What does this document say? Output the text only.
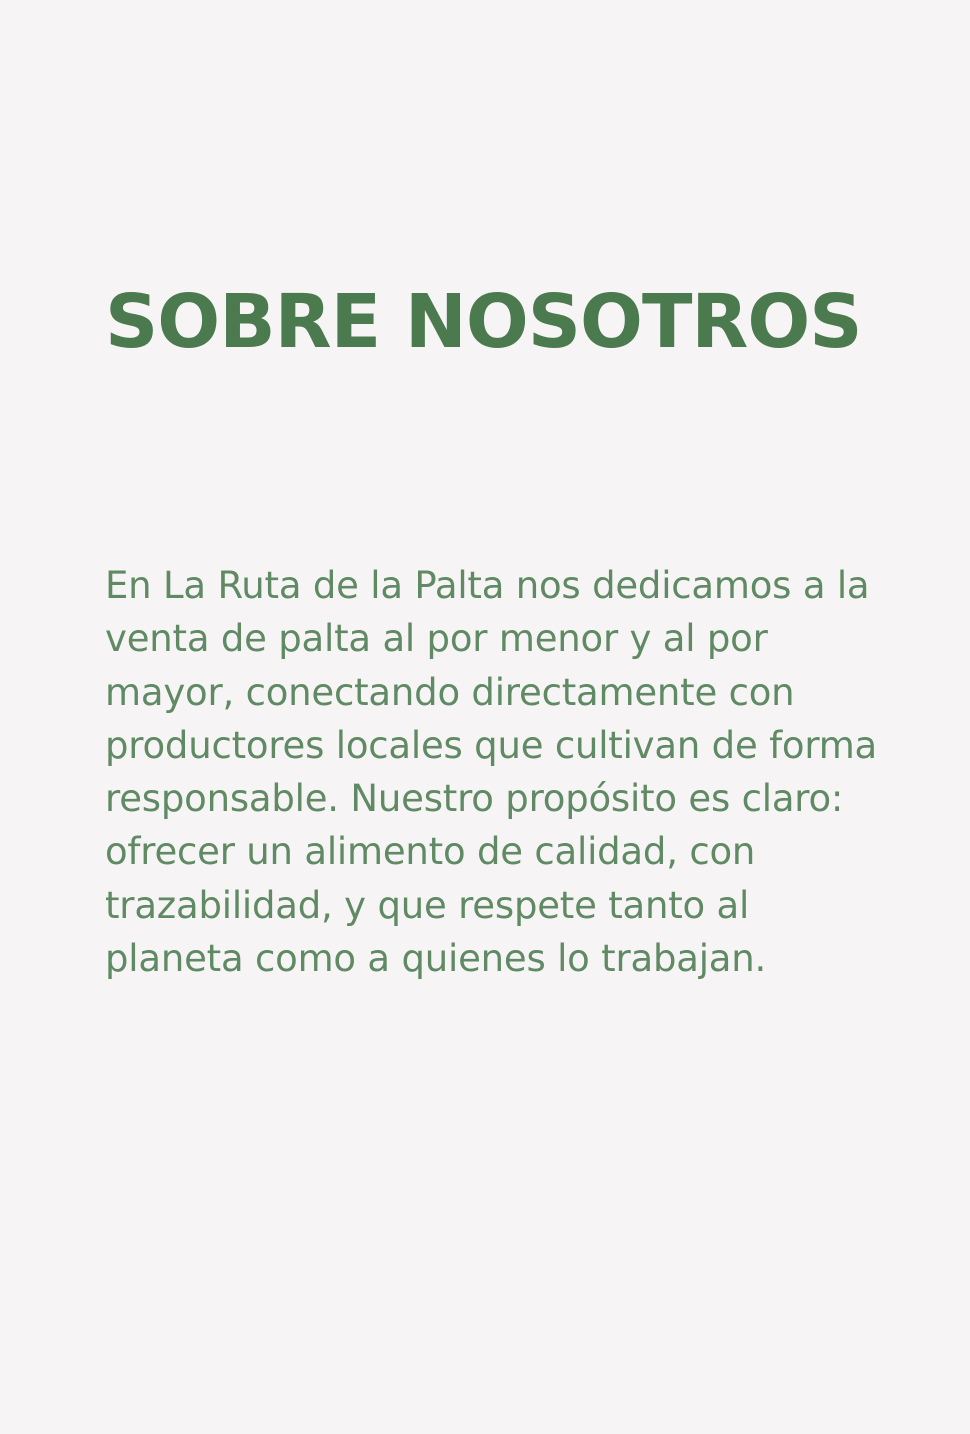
SOBRE NOSOTROS

En La Ruta de la Palta nos dedicamos a la venta de palta al por menor y al por mayor, conectando directamente con productores locales que cultivan de forma responsable. Nuestro propósito es claro: ofrecer un alimento de calidad, con trazabilidad, y que respete tanto al planeta como a quienes lo trabajan.
